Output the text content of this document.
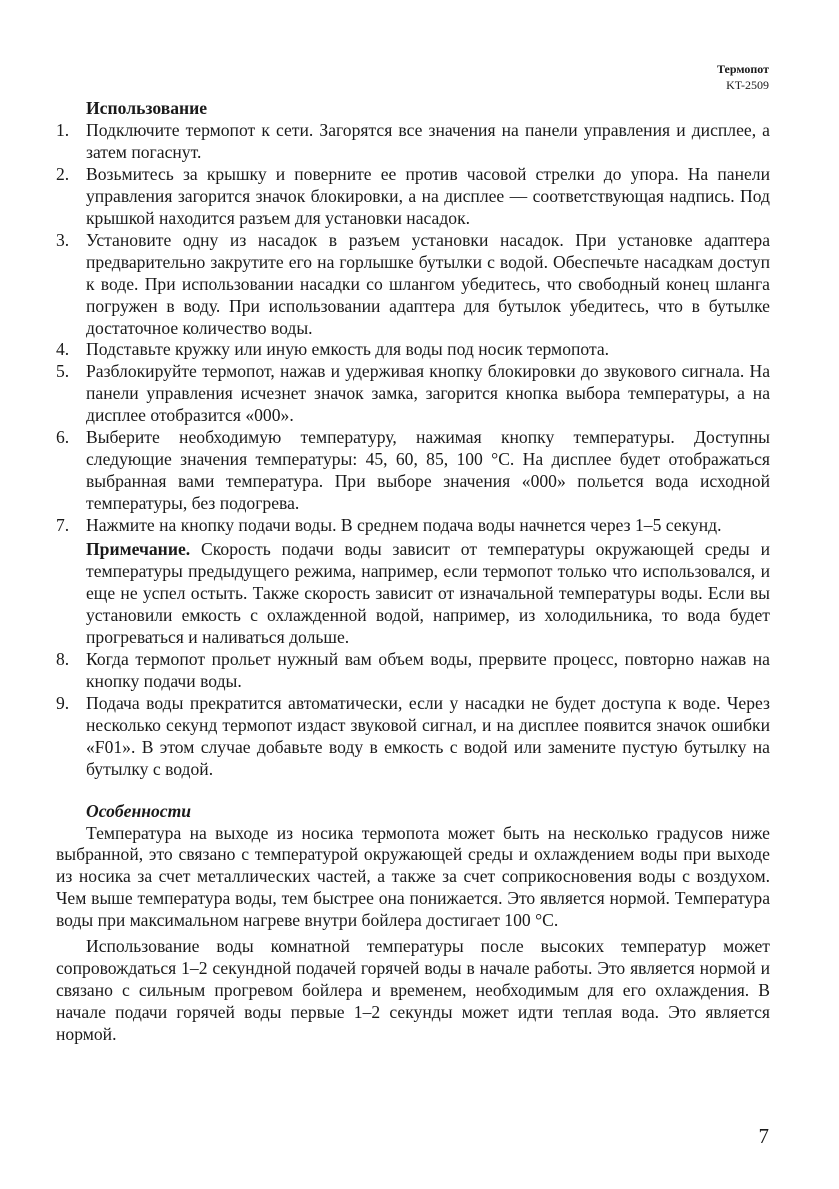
Термопот
KT-2509
Использование
1. Подключите термопот к сети. Загорятся все значения на панели управления и дисплее, а затем погаснут.
2. Возьмитесь за крышку и поверните ее против часовой стрелки до упора. На панели управления загорится значок блокировки, а на дисплее — соответствующая надпись. Под крышкой находится разъем для установки насадок.
3. Установите одну из насадок в разъем установки насадок. При установке адаптера предварительно закрутите его на горлышке бутылки с водой. Обеспечьте насадкам доступ к воде. При использовании насадки со шлангом убедитесь, что свободный конец шланга погружен в воду. При использовании адаптера для бутылок убедитесь, что в бутылке достаточное количество воды.
4. Подставьте кружку или иную емкость для воды под носик термопота.
5. Разблокируйте термопот, нажав и удерживая кнопку блокировки до звукового сигнала. На панели управления исчезнет значок замка, загорится кнопка выбора температуры, а на дисплее отобразится «000».
6. Выберите необходимую температуру, нажимая кнопку температуры. Доступны следующие значения температуры: 45, 60, 85, 100 °С. На дисплее будет отображаться выбранная вами температура. При выборе значения «000» польется вода исходной температуры, без подогрева.
7. Нажмите на кнопку подачи воды. В среднем подача воды начнется через 1–5 секунд.
Примечание. Скорость подачи воды зависит от температуры окружающей среды и температуры предыдущего режима, например, если термопот только что использовался, и еще не успел остыть. Также скорость зависит от изначальной температуры воды. Если вы установили емкость с охлажденной водой, например, из холодильника, то вода будет прогреваться и наливаться дольше.
8. Когда термопот прольет нужный вам объем воды, прервите процесс, повторно нажав на кнопку подачи воды.
9. Подача воды прекратится автоматически, если у насадки не будет доступа к воде. Через несколько секунд термопот издаст звуковой сигнал, и на дисплее появится значок ошибки «F01». В этом случае добавьте воду в емкость с водой или замените пустую бутылку на бутылку с водой.
Особенности

Температура на выходе из носика термопота может быть на несколько градусов ниже выбранной, это связано с температурой окружающей среды и охлаждением воды при выходе из носика за счет металлических частей, а также за счет соприкосновения воды с воздухом. Чем выше температура воды, тем быстрее она понижается. Это является нормой. Температура воды при максимальном нагреве внутри бойлера достигает 100 °С.

Использование воды комнатной температуры после высоких температур может сопровождаться 1–2 секундной подачей горячей воды в начале работы. Это является нормой и связано с сильным прогревом бойлера и временем, необходимым для его охлаждения. В начале подачи горячей воды первые 1–2 секунды может идти теплая вода. Это является нормой.

7
